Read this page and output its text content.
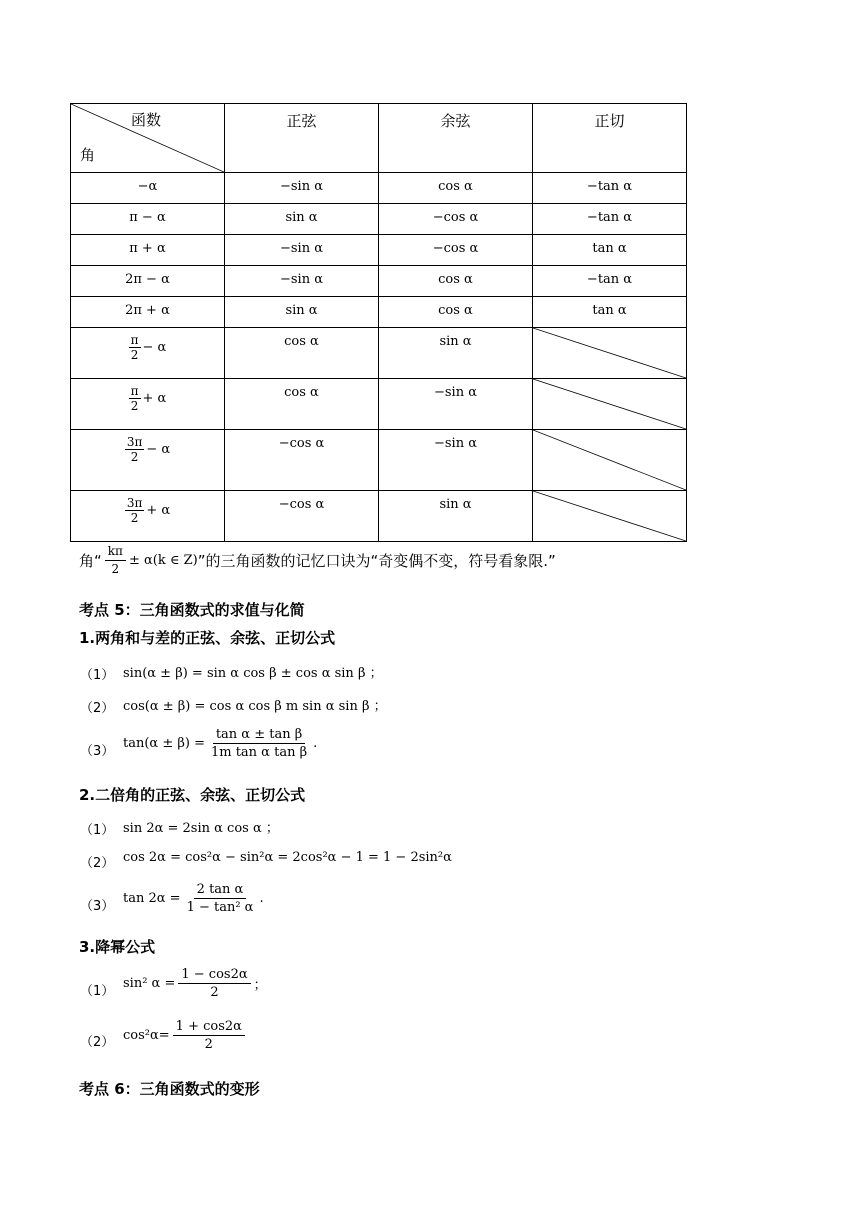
函数
角	正弦	余弦	正切

−α	−sin α	cos α	−tan α

π − α	sin α	−cos α	−tan α

π + α	−sin α	−cos α	tan α

2π − α	−sin α	cos α	−tan α

2π + α	sin α	cos α	tan α

$\frac{\pi}{2} - \alpha$	cos α	sin α

$\frac{\pi}{2} + \alpha$	cos α	−sin α

$\frac{3\pi}{2} - \alpha$	−cos α	−sin α

$\frac{3\pi}{2} + \alpha$	−cos α	sin α

角“ $\frac{k\pi}{2} \pm \alpha(k$ ∈ Z) ”的三角函数的记忆口诀为“奇变偶不变，符号看象限.”
考点 5：三角函数式的求值与化简
1.两角和与差的正弦、余弦、正切公式
（1） sin(α ± β) = sin α cos β ± cos α sin β ；
（2） cos(α ± β) = cos α cos β m sin α sin β ；
（3）
$\tan(\alpha \pm \beta) = \frac{\text{tan α ± tan β}}{\text{1m tan α tan β}}$ .
2.二倍角的正弦、余弦、正切公式
（1） sin 2α = 2sin α cos α ；
（2） cos 2α = cos²α − sin²α = 2cos²α − 1 = 1 − 2sin²α
（3）
$\tan 2\alpha = \frac{\text{2 tan α}}{\text{1 − tan² α}}$ .
3.降幂公式
（1）
sin² $\alpha = \frac{1 - \cos 2\alpha}{2}$ ；
（2） $\cos^2\alpha= \frac{1 + \cos 2\alpha}{2}$
考点 6：三角函数式的变形
